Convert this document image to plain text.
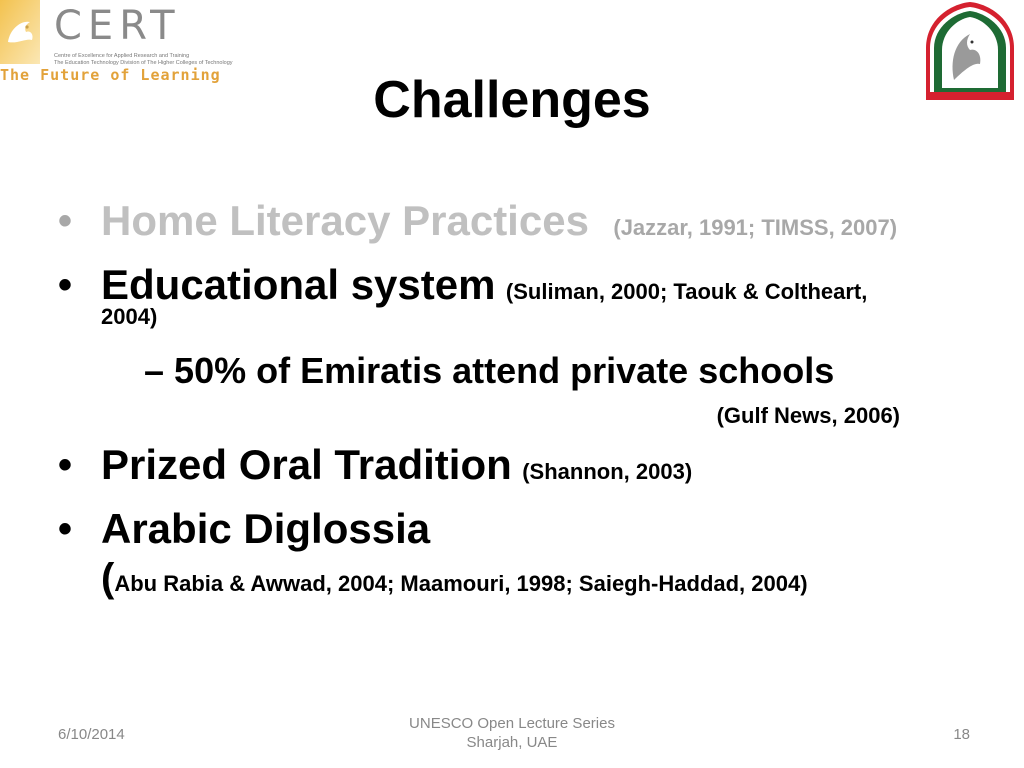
CERT
Centre of Excellence for Applied Research and Training
The Education Technology Division of The Higher Colleges of Technology
The Future of Learning	Challenges
• Home Literacy Practices (Jazzar, 1991; TIMSS, 2007)
• Educational system (Suliman, 2000; Taouk & Coltheart,
2004)
– 50% of Emiratis attend private schools
(Gulf News, 2006)
• Prized Oral Tradition (Shannon, 2003)
• Arabic Diglossia
(Abu Rabia & Awwad, 2004; Maamouri, 1998; Saiegh-Haddad, 2004)
6/10/2014
UNESCO Open Lecture Series
Sharjah, UAE	18
